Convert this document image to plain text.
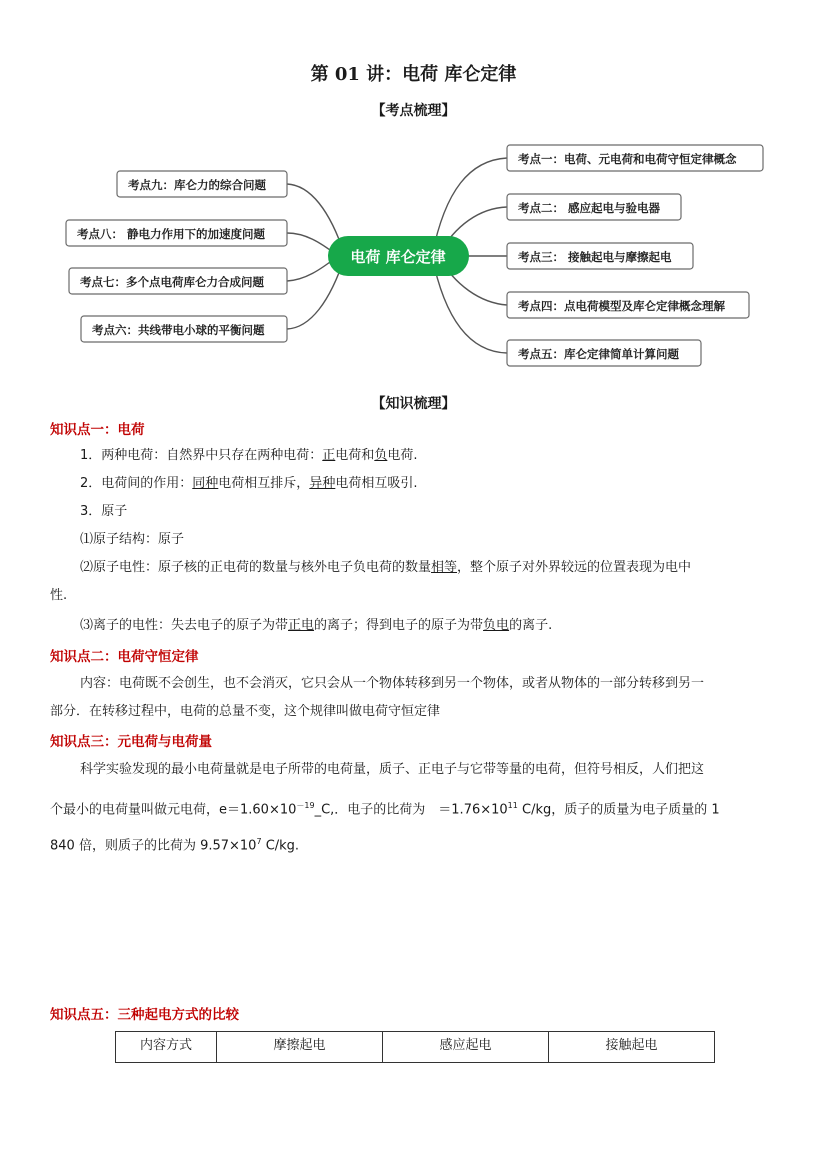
第 01 讲：电荷 库仑定律
【考点梳理】
电荷 库仑定律
考点一：电荷、元电荷和电荷守恒定律概念
考点二： 感应起电与验电器
考点三： 接触起电与摩擦起电
考点四：点电荷模型及库仑定律概念理解
考点五：库仑定律简单计算问题
考点九：库仑力的综合问题
考点八： 静电力作用下的加速度问题
考点七：多个点电荷库仑力合成问题
考点六：共线带电小球的平衡问题
【知识梳理】
知识点一：电荷
1．两种电荷：自然界中只存在两种电荷：正电荷和负电荷.
2．电荷间的作用：同种电荷相互排斥，异种电荷相互吸引.
3．原子
⑴原子结构：原子
⑵原子电性：原子核的正电荷的数量与核外电子负电荷的数量相等，整个原子对外界较远的位置表现为电中
性.
⑶离子的电性：失去电子的原子为带正电的离子；得到电子的原子为带负电的离子.
知识点二：电荷守恒定律
内容：电荷既不会创生，也不会消灭，它只会从一个物体转移到另一个物体，或者从物体的一部分转移到另一
部分．在转移过程中，电荷的总量不变，这个规律叫做电荷守恒定律
知识点三：元电荷与电荷量
科学实验发现的最小电荷量就是电子所带的电荷量，质子、正电子与它带等量的电荷，但符号相反，人们把这
个最小的电荷量叫做元电荷，$e=1.60\times 10^{-19}\_C$,．电子的比荷为　$=1.76\times 10^{11}$ C/kg，质子的质量为电子质量的 1
840 倍，则质子的比荷为 $9.57\times 10^7$ C/kg.
知识点五：三种起电方式的比较
内容方式	摩擦起电	感应起电	接触起电
